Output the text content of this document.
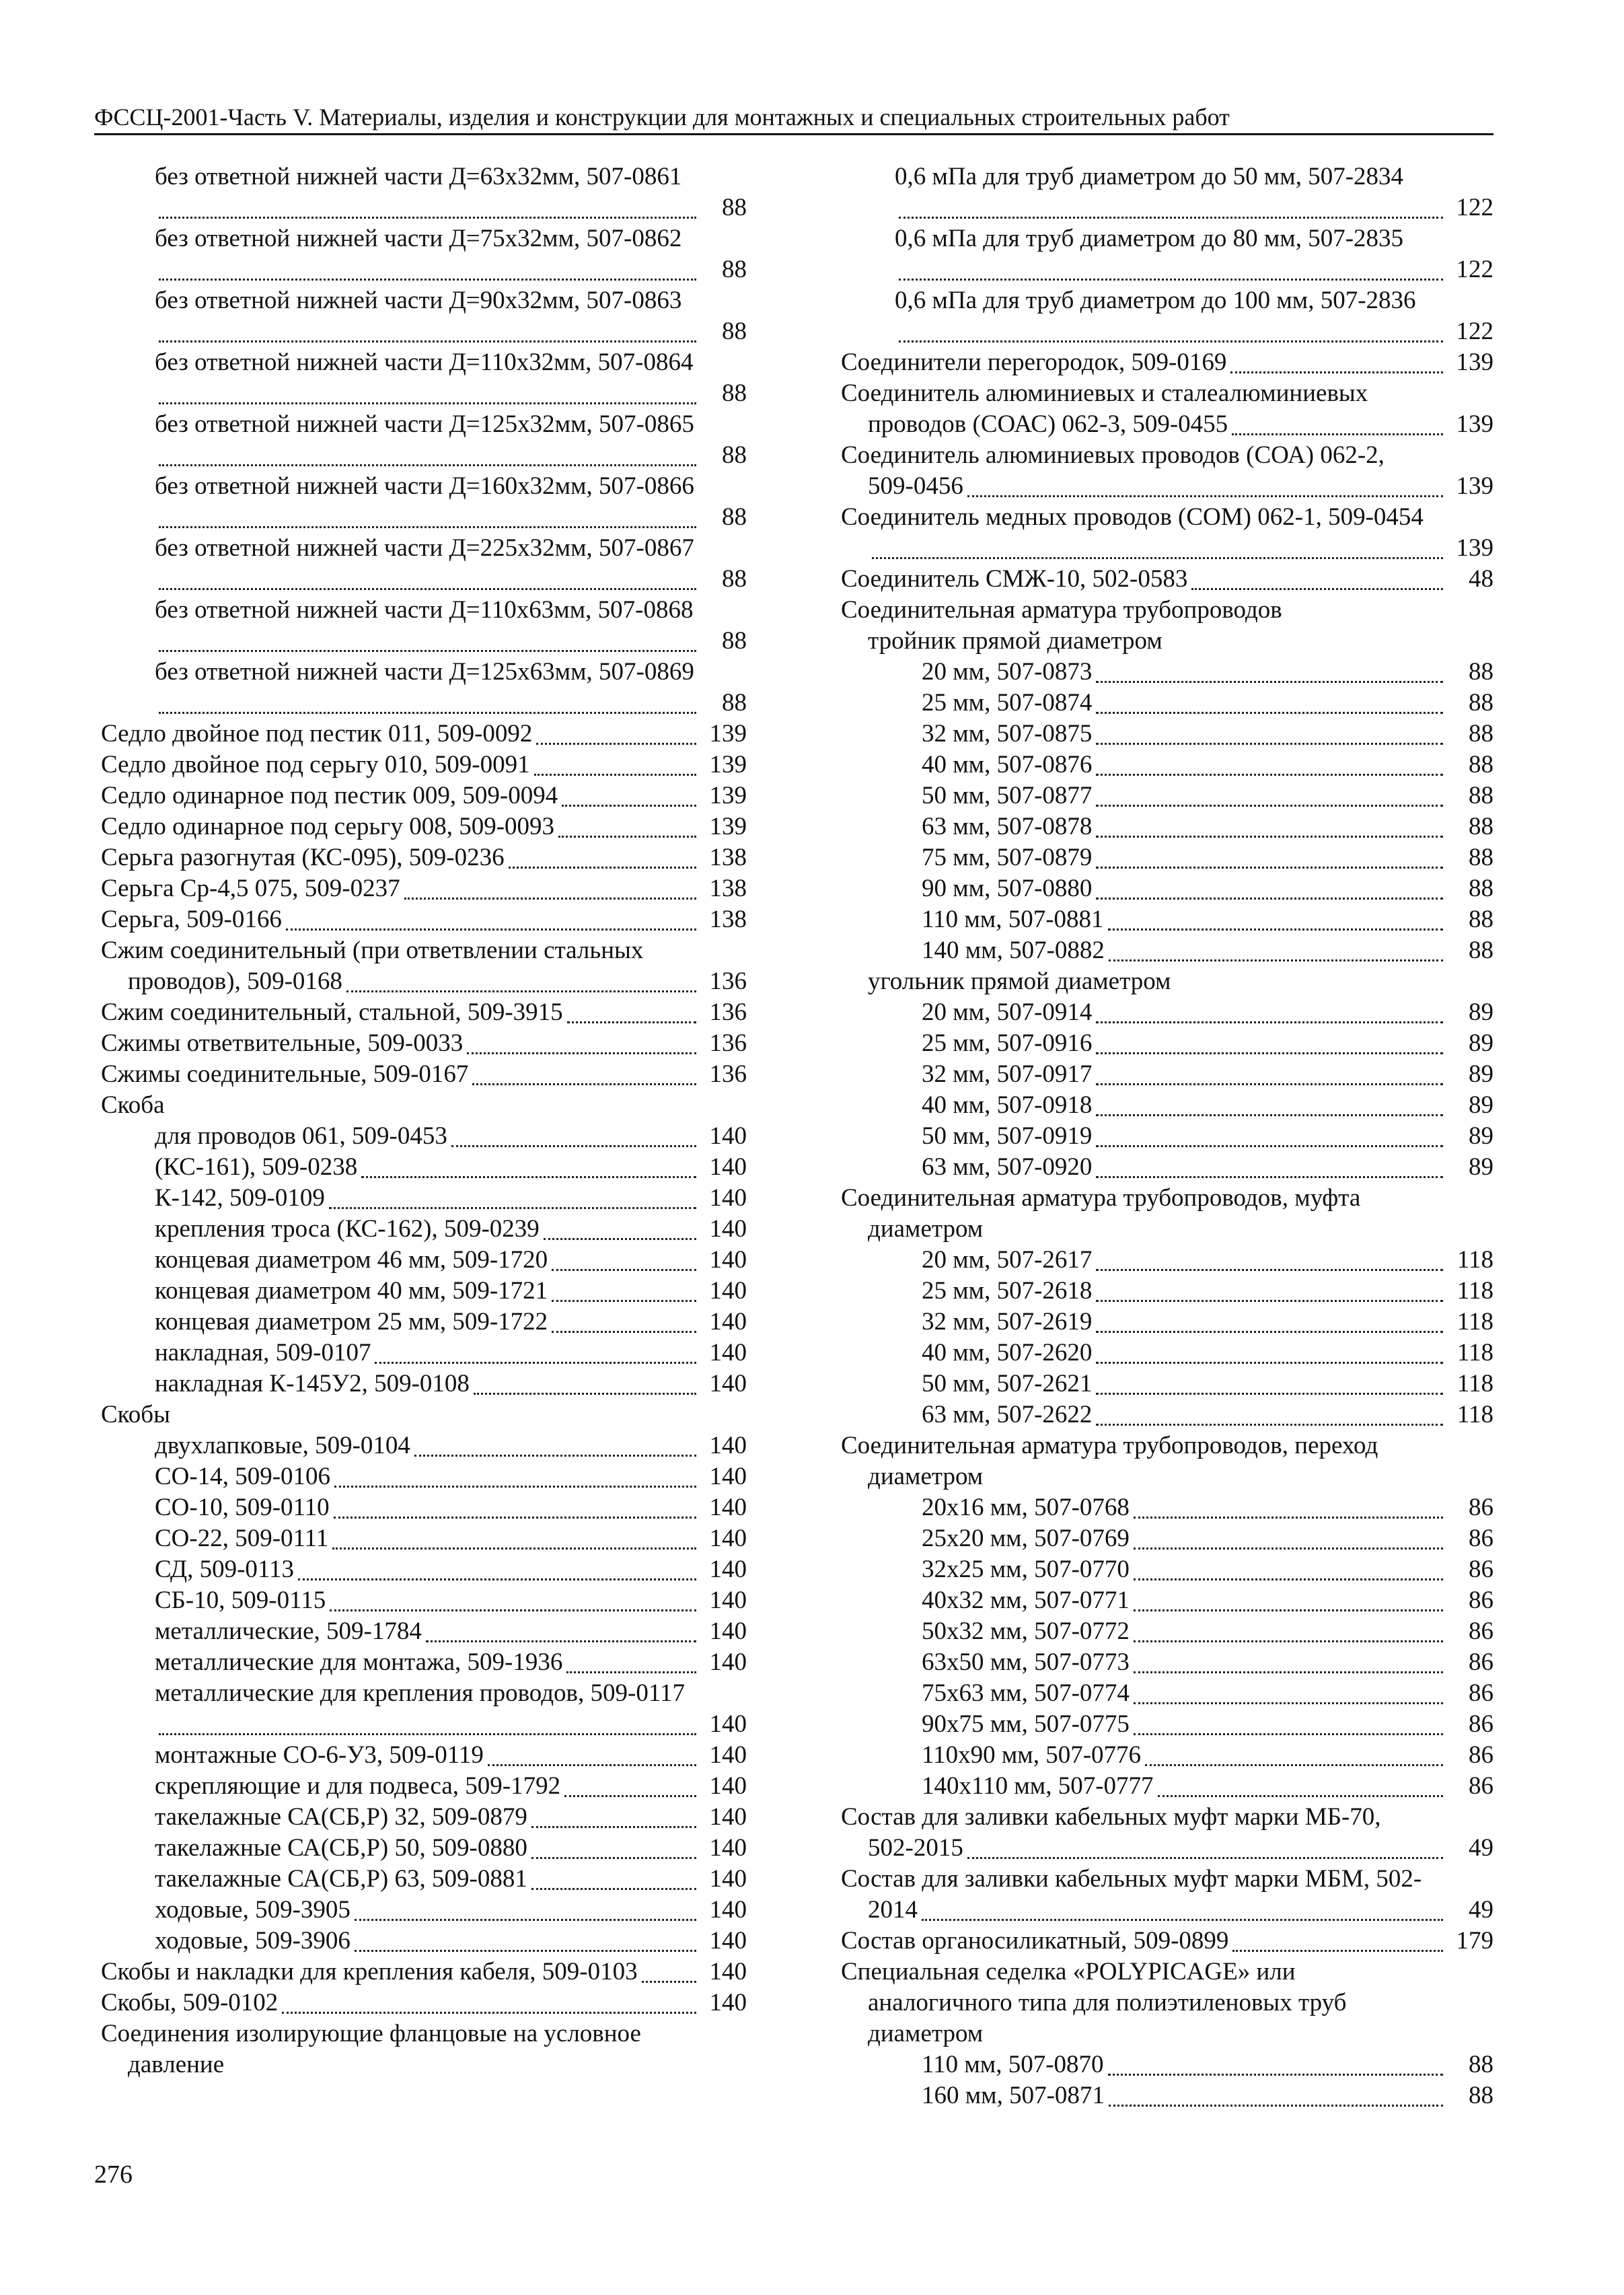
ФССЦ-2001-Часть V. Материалы, изделия и конструкции для монтажных и специальных строительных работ
без ответной нижней части Д=63х32мм, 507-0861
88
без ответной нижней части Д=75х32мм, 507-0862
88
без ответной нижней части Д=90х32мм, 507-0863
88
без ответной нижней части Д=110х32мм, 507-0864
88
без ответной нижней части Д=125х32мм, 507-0865
88
без ответной нижней части Д=160х32мм, 507-0866
88
без ответной нижней части Д=225х32мм, 507-0867
88
без ответной нижней части Д=110х63мм, 507-0868
88
без ответной нижней части Д=125х63мм, 507-0869
88
Седло двойное под пестик 011, 509-0092	139
Седло двойное под серьгу 010, 509-0091	139
Седло одинарное под пестик 009, 509-0094	139
Седло одинарное под серьгу 008, 509-0093	139
Серьга разогнутая (КС-095), 509-0236	138
Серьга Ср-4,5 075, 509-0237	138
Серьга, 509-0166	138
Сжим соединительный (при ответвлении стальных
проводов), 509-0168	136
Сжим соединительный, стальной, 509-3915	136
Сжимы ответвительные, 509-0033	136
Сжимы соединительные, 509-0167	136
Скоба
для проводов 061, 509-0453	140
(КС-161), 509-0238	140
К-142, 509-0109	140
крепления троса (КС-162), 509-0239	140
концевая диаметром 46 мм, 509-1720	140
концевая диаметром 40 мм, 509-1721	140
концевая диаметром 25 мм, 509-1722	140
накладная, 509-0107	140
накладная К-145У2, 509-0108	140
Скобы
двухлапковые, 509-0104	140
СО-14, 509-0106	140
СО-10, 509-0110	140
СО-22, 509-0111	140
СД, 509-0113	140
СБ-10, 509-0115	140
металлические, 509-1784	140
металлические для монтажа, 509-1936	140
металлические для крепления проводов, 509-0117
140
монтажные СО-6-У3, 509-0119	140
скрепляющие и для подвеса, 509-1792	140
такелажные СА(СБ,Р) 32, 509-0879	140
такелажные СА(СБ,Р) 50, 509-0880	140
такелажные СА(СБ,Р) 63, 509-0881	140
ходовые, 509-3905	140
ходовые, 509-3906	140
Скобы и накладки для крепления кабеля, 509-0103	140
Скобы, 509-0102	140
Соединения изолирующие фланцовые на условное
давление
0,6 мПа для труб диаметром до 50 мм, 507-2834
122
0,6 мПа для труб диаметром до 80 мм, 507-2835
122
0,6 мПа для труб диаметром до 100 мм, 507-2836
122
Соединители перегородок, 509-0169	139
Соединитель алюминиевых и сталеалюминиевых
проводов (СОАС) 062-3, 509-0455	139
Соединитель алюминиевых проводов (СОА) 062-2,
509-0456	139
Соединитель медных проводов (СОМ) 062-1, 509-0454
139
Соединитель СМЖ-10, 502-0583	48
Соединительная арматура трубопроводов
тройник прямой диаметром
20 мм, 507-0873	88
25 мм, 507-0874	88
32 мм, 507-0875	88
40 мм, 507-0876	88
50 мм, 507-0877	88
63 мм, 507-0878	88
75 мм, 507-0879	88
90 мм, 507-0880	88
110 мм, 507-0881	88
140 мм, 507-0882	88
угольник прямой диаметром
20 мм, 507-0914	89
25 мм, 507-0916	89
32 мм, 507-0917	89
40 мм, 507-0918	89
50 мм, 507-0919	89
63 мм, 507-0920	89
Соединительная арматура трубопроводов, муфта
диаметром
20 мм, 507-2617	118
25 мм, 507-2618	118
32 мм, 507-2619	118
40 мм, 507-2620	118
50 мм, 507-2621	118
63 мм, 507-2622	118
Соединительная арматура трубопроводов, переход
диаметром
20х16 мм, 507-0768	86
25х20 мм, 507-0769	86
32х25 мм, 507-0770	86
40х32 мм, 507-0771	86
50х32 мм, 507-0772	86
63х50 мм, 507-0773	86
75х63 мм, 507-0774	86
90х75 мм, 507-0775	86
110х90 мм, 507-0776	86
140х110 мм, 507-0777	86
Состав для заливки кабельных муфт марки МБ-70,
502-2015	49
Состав для заливки кабельных муфт марки МБМ, 502-
2014	49
Состав органосиликатный, 509-0899	179
Специальная седелка «POLYPICAGE» или
аналогичного типа для полиэтиленовых труб
диаметром
110 мм, 507-0870	88
160 мм, 507-0871	88
276
